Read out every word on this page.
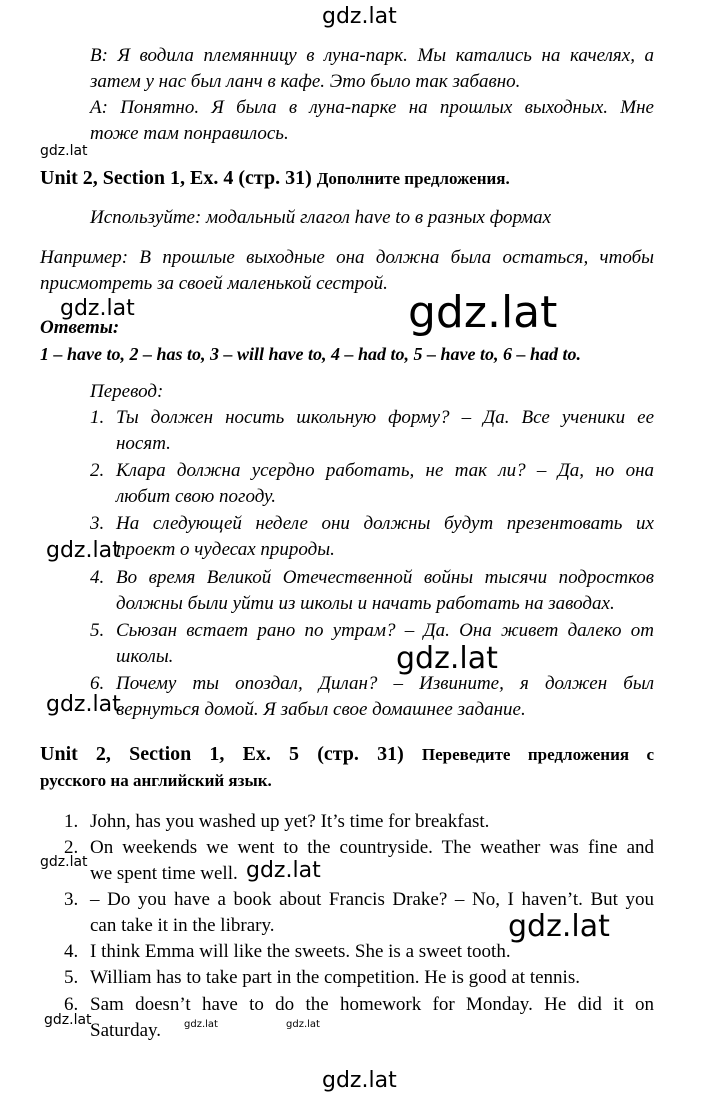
gdz.lat
gdz.lat
gdz.lat	gdz.lat
gdz.lat
gdz.lat
gdz.lat
gdz.lat	gdz.lat
gdz.lat
gdz.lat	gdz.lat	gdz.lat
gdz.lat
B: Я водила племянницу в луна-парк. Мы катались на качелях, а
затем у нас был ланч в кафе. Это было так забавно.
A: Понятно. Я была в луна-парке на прошлых выходных. Мне
тоже там понравилось.
Unit 2, Section 1, Ex. 4 (стр. 31) Дополните предложения.
Используйте: модальный глагол have to в разных формах
Например: В прошлые выходные она должна была остаться, чтобы
присмотреть за своей маленькой сестрой.
Ответы:
1 – have to, 2 – has to, 3 – will have to, 4 – had to, 5 – have to, 6 – had to.
Перевод:
1. Ты должен носить школьную форму? – Да. Все ученики ее
носят.
2. Клара должна усердно работать, не так ли? – Да, но она
любит свою погоду.
3. На следующей неделе они должны будут презентовать их
проект о чудесах природы.
4. Во время Великой Отечественной войны тысячи подростков
должны были уйти из школы и начать работать на заводах.
5. Сьюзан встает рано по утрам? – Да. Она живет далеко от
школы.
6. Почему ты опоздал, Дилан? – Извините, я должен был
вернуться домой. Я забыл свое домашнее задание.
Unit 2, Section 1, Ex. 5 (стр. 31) Переведите предложения с
русского на английский язык.
1. John, has you washed up yet? It’s time for breakfast.
2. On weekends we went to the countryside. The weather was fine and
we spent time well.
3. – Do you have a book about Francis Drake? – No, I haven’t. But you
can take it in the library.
4. I think Emma will like the sweets. She is a sweet tooth.
5. William has to take part in the competition. He is good at tennis.
6. Sam doesn’t have to do the homework for Monday. He did it on
Saturday.
